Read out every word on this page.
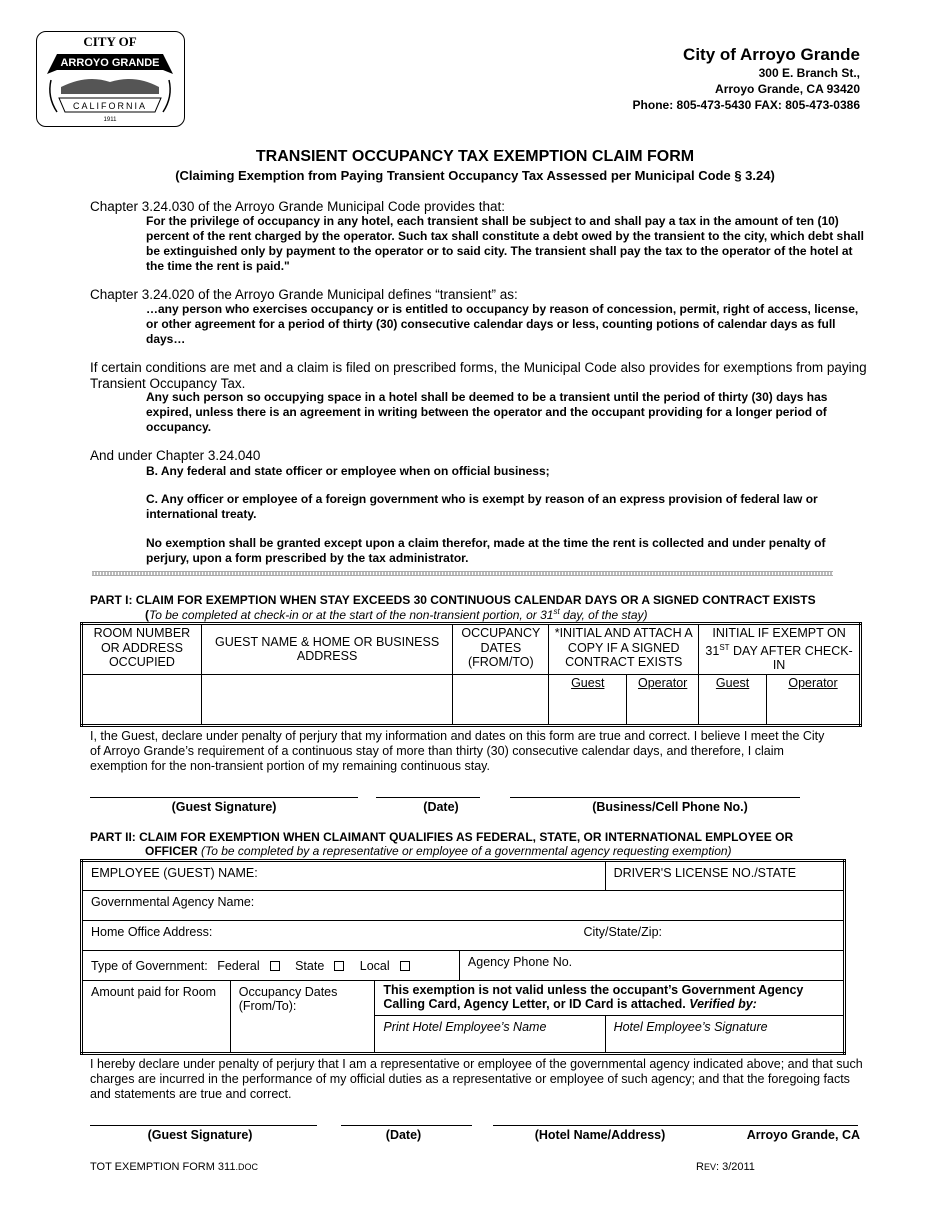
CITY OF
ARROYO GRANDE
CALIFORNIA
1911
City of Arroyo Grande
300 E. Branch St.,
Arroyo Grande, CA 93420
Phone: 805-473-5430 FAX: 805-473-0386
TRANSIENT OCCUPANCY TAX EXEMPTION CLAIM FORM
(Claiming Exemption from Paying Transient Occupancy Tax Assessed per Municipal Code § 3.24)
Chapter 3.24.030 of the Arroyo Grande Municipal Code provides that:
For the privilege of occupancy in any hotel, each transient shall be subject to and shall pay a tax in the amount of ten (10) percent of the rent charged by the operator. Such tax shall constitute a debt owed by the transient to the city, which debt shall be extinguished only by payment to the operator or to said city. The transient shall pay the tax to the operator of the hotel at the time the rent is paid."
Chapter 3.24.020 of the Arroyo Grande Municipal defines “transient” as:
…any person who exercises occupancy or is entitled to occupancy by reason of concession, permit, right of access, license, or other agreement for a period of thirty (30) consecutive calendar days or less, counting potions of calendar days as full days…
If certain conditions are met and a claim is filed on prescribed forms, the Municipal Code also provides for exemptions from paying Transient Occupancy Tax.
Any such person so occupying space in a hotel shall be deemed to be a transient until the period of thirty (30) days has expired, unless there is an agreement in writing between the operator and the occupant providing for a longer period of occupancy.
And under Chapter 3.24.040
B. Any federal and state officer or employee when on official business;
C. Any officer or employee of a foreign government who is exempt by reason of an express provision of federal law or international treaty.
No exemption shall be granted except upon a claim therefor, made at the time the rent is collected and under penalty of perjury, upon a form prescribed by the tax administrator.
PART I: CLAIM FOR EXEMPTION WHEN STAY EXCEEDS 30 CONTINUOUS CALENDAR DAYS OR A SIGNED CONTRACT EXISTS
(To be completed at check-in or at the start of the non-transient portion, or 31st day, of the stay)
ROOM NUMBER OR ADDRESS OCCUPIED	GUEST NAME & HOME OR BUSINESS ADDRESS	OCCUPANCY DATES (FROM/TO)	*INITIAL AND ATTACH A COPY IF A SIGNED CONTRACT EXISTS		INITIAL IF EXEMPT ON 31ST DAY AFTER CHECK-IN	
			Guest	Operator	Guest	Operator
I, the Guest, declare under penalty of perjury that my information and dates on this form are true and correct. I believe I meet the City of Arroyo Grande’s requirement of a continuous stay of more than thirty (30) consecutive calendar days, and therefore, I claim exemption for the non-transient portion of my remaining continuous stay.
(Guest Signature)	(Date)	(Business/Cell Phone No.)
PART II: CLAIM FOR EXEMPTION WHEN CLAIMANT QUALIFIES AS FEDERAL, STATE, OR INTERNATIONAL EMPLOYEE OR
OFFICER (To be completed by a representative or employee of a governmental agency requesting exemption)
EMPLOYEE (GUEST) NAME:				DRIVER'S LICENSE NO./STATE
Governmental Agency Name:				
Home Office Address: City/State/Zip:				

Type of Government: Federal State Local			Agency Phone No.	
Amount paid for Room	Occupancy Dates (From/To):	This exemption is not valid unless the occupant’s Government Agency Calling Card, Agency Letter, or ID Card is attached. Verified by:		
		Print Hotel Employee’s Name		Hotel Employee’s Signature
I hereby declare under penalty of perjury that I am a representative or employee of the governmental agency indicated above; and that such charges are incurred in the performance of my official duties as a representative or employee of such agency; and that the foregoing facts and statements are true and correct.
(Guest Signature)	(Date)	(Hotel Name/Address)	Arroyo Grande, CA
TOT EXEMPTION FORM 311.DOC	REV: 3/2011
